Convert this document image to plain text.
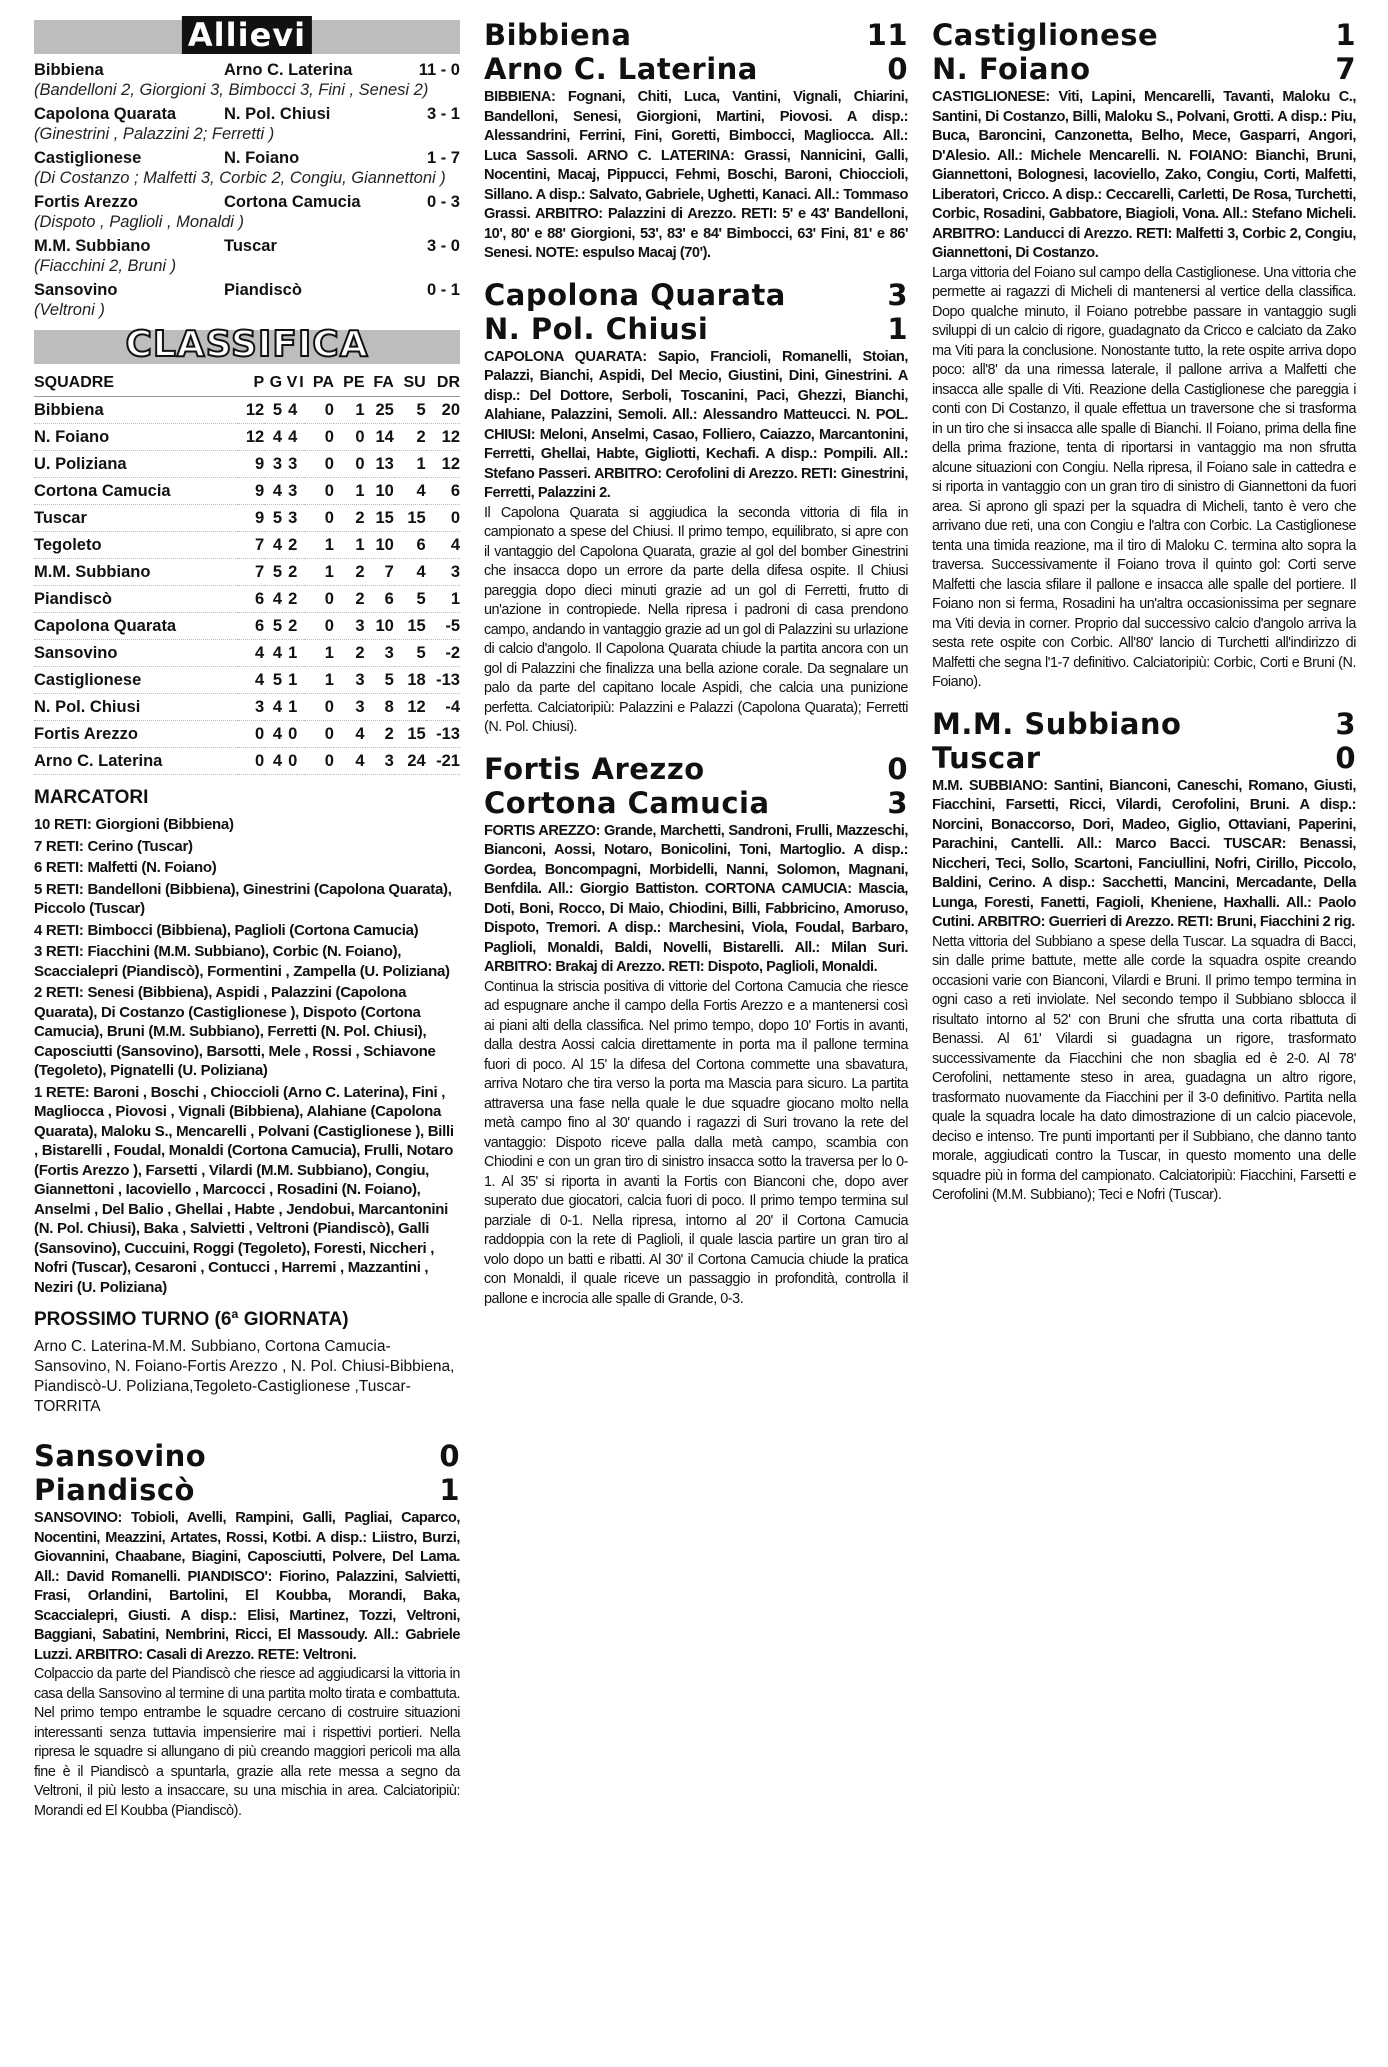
Allievi
Bibbiena	Arno C. Laterina	11 - 0
(Bandelloni 2, Giorgioni 3, Bimbocci 3, Fini , Senesi 2)
Capolona Quarata	N. Pol. Chiusi	3 - 1
(Ginestrini , Palazzini 2; Ferretti )
Castiglionese	N. Foiano	1 - 7
(Di Costanzo ; Malfetti 3, Corbic 2, Congiu, Giannettoni )
Fortis Arezzo	Cortona Camucia	0 - 3
(Dispoto , Paglioli , Monaldi )
M.M. Subbiano	Tuscar	3 - 0
(Fiacchini 2, Bruni )
Sansovino	Piandiscò	0 - 1
(Veltroni )
CLASSIFICA
SQUADRE	P	G	V	I	PA	PE	FA	SU	DR
Bibbiena	12	5	4		0	1	25	5	20
N. Foiano	12	4	4		0	0	14	2	12
U. Poliziana	9	3	3		0	0	13	1	12
Cortona Camucia	9	4	3		0	1	10	4	6
Tuscar	9	5	3		0	2	15	15	0
Tegoleto	7	4	2		1	1	10	6	4
M.M. Subbiano	7	5	2		1	2	7	4	3
Piandiscò	6	4	2		0	2	6	5	1
Capolona Quarata	6	5	2		0	3	10	15	-5
Sansovino	4	4	1		1	2	3	5	-2
Castiglionese	4	5	1		1	3	5	18	-13
N. Pol. Chiusi	3	4	1		0	3	8	12	-4
Fortis Arezzo	0	4	0		0	4	2	15	-13
Arno C. Laterina	0	4	0		0	4	3	24	-21
MARCATORI

10 RETI: Giorgioni (Bibbiena)

7 RETI: Cerino (Tuscar)

6 RETI: Malfetti (N. Foiano)

5 RETI: Bandelloni (Bibbiena), Ginestrini (Capolona Quarata), Piccolo (Tuscar)

4 RETI: Bimbocci (Bibbiena), Paglioli (Cortona Camucia)

3 RETI: Fiacchini (M.M. Subbiano), Corbic (N. Foiano), Scaccialepri (Piandiscò), Formentini , Zampella (U. Poliziana)

2 RETI: Senesi (Bibbiena), Aspidi , Palazzini (Capolona Quarata), Di Costanzo (Castiglionese ), Dispoto (Cortona Camucia), Bruni (M.M. Subbiano), Ferretti (N. Pol. Chiusi), Caposciutti (Sansovino), Barsotti, Mele , Rossi , Schiavone (Tegoleto), Pignatelli (U. Poliziana)

1 RETE: Baroni , Boschi , Chioccioli (Arno C. Laterina), Fini , Magliocca , Piovosi , Vignali (Bibbiena), Alahiane (Capolona Quarata), Maloku S., Mencarelli , Polvani (Castiglionese ), Billi , Bistarelli , Foudal, Monaldi (Cortona Camucia), Frulli, Notaro (Fortis Arezzo ), Farsetti , Vilardi (M.M. Subbiano), Congiu, Giannettoni , Iacoviello , Marcocci , Rosadini (N. Foiano), Anselmi , Del Balio , Ghellai , Habte , Jendobui, Marcantonini (N. Pol. Chiusi), Baka , Salvietti , Veltroni (Piandiscò), Galli (Sansovino), Cuccuini, Roggi (Tegoleto), Foresti, Niccheri , Nofri (Tuscar), Cesaroni , Contucci , Harremi , Mazzantini , Neziri (U. Poliziana)

PROSSIMO TURNO (6ª GIORNATA)

Arno C. Laterina-M.M. Subbiano, Cortona Camucia-Sansovino, N. Foiano-Fortis Arezzo , N. Pol. Chiusi-Bibbiena, Piandiscò-U. Poliziana,Tegoleto-Castiglionese ,Tuscar-TORRITA

Sansovino	0
Piandiscò	1

SANSOVINO: Tobioli, Avelli, Rampini, Galli, Pagliai, Caparco, Nocentini, Meazzini, Artates, Rossi, Kotbi. A disp.: Liistro, Burzi, Giovannini, Chaabane, Biagini, Caposciutti, Polvere, Del Lama. All.: David Romanelli. PIANDISCO': Fiorino, Palazzini, Salvietti, Frasi, Orlandini, Bartolini, El Koubba, Morandi, Baka, Scaccialepri, Giusti. A disp.: Elisi, Martinez, Tozzi, Veltroni, Baggiani, Sabatini, Nembrini, Ricci, El Massoudy. All.: Gabriele Luzzi. ARBITRO: Casali di Arezzo. RETE: Veltroni.

Colpaccio da parte del Piandiscò che riesce ad aggiudicarsi la vittoria in casa della Sansovino al termine di una partita molto tirata e combattuta. Nel primo tempo entrambe le squadre cercano di costruire situazioni interessanti senza tuttavia impensierire mai i rispettivi portieri. Nella ripresa le squadre si allungano di più creando maggiori pericoli ma alla fine è il Piandiscò a spuntarla, grazie alla rete messa a segno da Veltroni, il più lesto a insaccare, su una mischia in area. Calciatoripiù: Morandi ed El Koubba (Piandiscò).

Bibbiena	11
Arno C. Laterina	0

BIBBIENA: Fognani, Chiti, Luca, Vantini, Vignali, Chiarini, Bandelloni, Senesi, Giorgioni, Martini, Piovosi. A disp.: Alessandrini, Ferrini, Fini, Goretti, Bimbocci, Magliocca. All.: Luca Sassoli. ARNO C. LATERINA: Grassi, Nannicini, Galli, Nocentini, Macaj, Pippucci, Fehmi, Boschi, Baroni, Chioccioli, Sillano. A disp.: Salvato, Gabriele, Ughetti, Kanaci. All.: Tommaso Grassi. ARBITRO: Palazzini di Arezzo. RETI: 5' e 43' Bandelloni, 10', 80' e 88' Giorgioni, 53', 83' e 84' Bimbocci, 63' Fini, 81' e 86' Senesi. NOTE: espulso Macaj (70').

Capolona Quarata	3
N. Pol. Chiusi	1

CAPOLONA QUARATA: Sapio, Francioli, Romanelli, Stoian, Palazzi, Bianchi, Aspidi, Del Mecio, Giustini, Dini, Ginestrini. A disp.: Del Dottore, Serboli, Toscanini, Paci, Ghezzi, Bianchi, Alahiane, Palazzini, Semoli. All.: Alessandro Matteucci. N. POL. CHIUSI: Meloni, Anselmi, Casao, Folliero, Caiazzo, Marcantonini, Ferretti, Ghellai, Habte, Gigliotti, Kechafi. A disp.: Pompili. All.: Stefano Passeri. ARBITRO: Cerofolini di Arezzo. RETI: Ginestrini, Ferretti, Palazzini 2.

Il Capolona Quarata si aggiudica la seconda vittoria di fila in campionato a spese del Chiusi. Il primo tempo, equilibrato, si apre con il vantaggio del Capolona Quarata, grazie al gol del bomber Ginestrini che insacca dopo un errore da parte della difesa ospite. Il Chiusi pareggia dopo dieci minuti grazie ad un gol di Ferretti, frutto di un'azione in contropiede. Nella ripresa i padroni di casa prendono campo, andando in vantaggio grazie ad un gol di Palazzini su urlazione di calcio d'angolo. Il Capolona Quarata chiude la partita ancora con un gol di Palazzini che finalizza una bella azione corale. Da segnalare un palo da parte del capitano locale Aspidi, che calcia una punizione perfetta. Calciatoripiù: Palazzini e Palazzi (Capolona Quarata); Ferretti (N. Pol. Chiusi).

Fortis Arezzo	0
Cortona Camucia	3

FORTIS AREZZO: Grande, Marchetti, Sandroni, Frulli, Mazzeschi, Bianconi, Aossi, Notaro, Bonicolini, Toni, Martoglio. A disp.: Gordea, Boncompagni, Morbidelli, Nanni, Solomon, Magnani, Benfdila. All.: Giorgio Battiston. CORTONA CAMUCIA: Mascia, Doti, Boni, Rocco, Di Maio, Chiodini, Billi, Fabbricino, Amoruso, Dispoto, Tremori. A disp.: Marchesini, Viola, Foudal, Barbaro, Paglioli, Monaldi, Baldi, Novelli, Bistarelli. All.: Milan Suri. ARBITRO: Brakaj di Arezzo. RETI: Dispoto, Paglioli, Monaldi.

Continua la striscia positiva di vittorie del Cortona Camucia che riesce ad espugnare anche il campo della Fortis Arezzo e a mantenersi così ai piani alti della classifica. Nel primo tempo, dopo 10' Fortis in avanti, dalla destra Aossi calcia direttamente in porta ma il pallone termina fuori di poco. Al 15' la difesa del Cortona commette una sbavatura, arriva Notaro che tira verso la porta ma Mascia para sicuro. La partita attraversa una fase nella quale le due squadre giocano molto nella metà campo fino al 30' quando i ragazzi di Suri trovano la rete del vantaggio: Dispoto riceve palla dalla metà campo, scambia con Chiodini e con un gran tiro di sinistro insacca sotto la traversa per lo 0-1. Al 35' si riporta in avanti la Fortis con Bianconi che, dopo aver superato due giocatori, calcia fuori di poco. Il primo tempo termina sul parziale di 0-1. Nella ripresa, intorno al 20' il Cortona Camucia raddoppia con la rete di Paglioli, il quale lascia partire un gran tiro al volo dopo un batti e ribatti. Al 30' il Cortona Camucia chiude la pratica con Monaldi, il quale riceve un passaggio in profondità, controlla il pallone e incrocia alle spalle di Grande, 0-3.

Castiglionese	1
N. Foiano	7

CASTIGLIONESE: Viti, Lapini, Mencarelli, Tavanti, Maloku C., Santini, Di Costanzo, Billi, Maloku S., Polvani, Grotti. A disp.: Piu, Buca, Baroncini, Canzonetta, Belho, Mece, Gasparri, Angori, D'Alesio. All.: Michele Mencarelli. N. FOIANO: Bianchi, Bruni, Giannettoni, Bolognesi, Iacoviello, Zako, Congiu, Corti, Malfetti, Liberatori, Cricco. A disp.: Ceccarelli, Carletti, De Rosa, Turchetti, Corbic, Rosadini, Gabbatore, Biagioli, Vona. All.: Stefano Micheli. ARBITRO: Landucci di Arezzo. RETI: Malfetti 3, Corbic 2, Congiu, Giannettoni, Di Costanzo.

Larga vittoria del Foiano sul campo della Castiglionese. Una vittoria che permette ai ragazzi di Micheli di mantenersi al vertice della classifica. Dopo qualche minuto, il Foiano potrebbe passare in vantaggio sugli sviluppi di un calcio di rigore, guadagnato da Cricco e calciato da Zako ma Viti para la conclusione. Nonostante tutto, la rete ospite arriva dopo poco: all'8' da una rimessa laterale, il pallone arriva a Malfetti che insacca alle spalle di Viti. Reazione della Castiglionese che pareggia i conti con Di Costanzo, il quale effettua un traversone che si trasforma in un tiro che si insacca alle spalle di Bianchi. Il Foiano, prima della fine della prima frazione, tenta di riportarsi in vantaggio ma non sfrutta alcune situazioni con Congiu. Nella ripresa, il Foiano sale in cattedra e si riporta in vantaggio con un gran tiro di sinistro di Giannettoni da fuori area. Si aprono gli spazi per la squadra di Micheli, tanto è vero che arrivano due reti, una con Congiu e l'altra con Corbic. La Castiglionese tenta una timida reazione, ma il tiro di Maloku C. termina alto sopra la traversa. Successivamente il Foiano trova il quinto gol: Corti serve Malfetti che lascia sfilare il pallone e insacca alle spalle del portiere. Il Foiano non si ferma, Rosadini ha un'altra occasionissima per segnare ma Viti devia in corner. Proprio dal successivo calcio d'angolo arriva la sesta rete ospite con Corbic. All'80' lancio di Turchetti all'indirizzo di Malfetti che segna l'1-7 definitivo. Calciatoripiù: Corbic, Corti e Bruni (N. Foiano).

M.M. Subbiano	3
Tuscar	0

M.M. SUBBIANO: Santini, Bianconi, Caneschi, Romano, Giusti, Fiacchini, Farsetti, Ricci, Vilardi, Cerofolini, Bruni. A disp.: Norcini, Bonaccorso, Dori, Madeo, Giglio, Ottaviani, Paperini, Parachini, Cantelli. All.: Marco Bacci. TUSCAR: Benassi, Niccheri, Teci, Sollo, Scartoni, Fanciullini, Nofri, Cirillo, Piccolo, Baldini, Cerino. A disp.: Sacchetti, Mancini, Mercadante, Della Lunga, Foresti, Fanetti, Fagioli, Kheniene, Haxhalli. All.: Paolo Cutini. ARBITRO: Guerrieri di Arezzo. RETI: Bruni, Fiacchini 2 rig.

Netta vittoria del Subbiano a spese della Tuscar. La squadra di Bacci, sin dalle prime battute, mette alle corde la squadra ospite creando occasioni varie con Bianconi, Vilardi e Bruni. Il primo tempo termina in ogni caso a reti inviolate. Nel secondo tempo il Subbiano sblocca il risultato intorno al 52' con Bruni che sfrutta una corta ribattuta di Benassi. Al 61' Vilardi si guadagna un rigore, trasformato successivamente da Fiacchini che non sbaglia ed è 2-0. Al 78' Cerofolini, nettamente steso in area, guadagna un altro rigore, trasformato nuovamente da Fiacchini per il 3-0 definitivo. Partita nella quale la squadra locale ha dato dimostrazione di un calcio piacevole, deciso e intenso. Tre punti importanti per il Subbiano, che danno tanto morale, aggiudicati contro la Tuscar, in questo momento una delle squadre più in forma del campionato. Calciatoripiù: Fiacchini, Farsetti e Cerofolini (M.M. Subbiano); Teci e Nofri (Tuscar).
